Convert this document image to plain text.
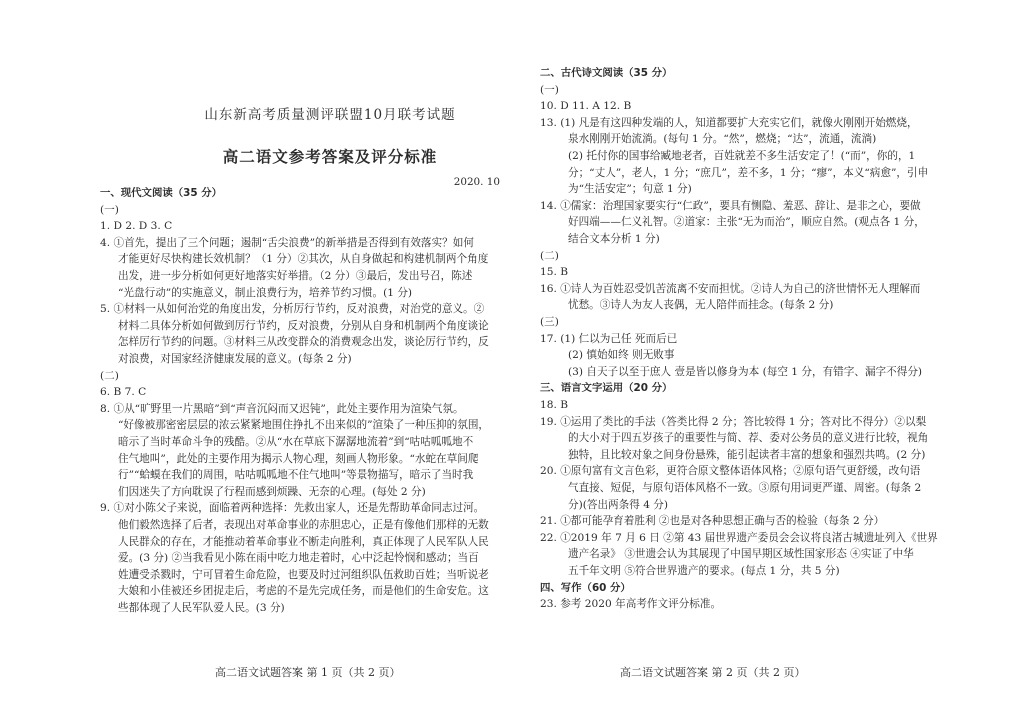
山东新高考质量测评联盟10月联考试题
高二语文参考答案及评分标准
2020. 10
一、现代文阅读（35 分）
(一)
1. D 2. D 3. C
4. ①首先，提出了三个问题；遏制“舌尖浪费”的新举措是否得到有效落实？如何
才能更好尽快构建长效机制？（1 分）②其次，从自身做起和构建机制两个角度
出发，进一步分析如何更好地落实好举措。（2 分）③最后，发出号召，陈述
“光盘行动”的实施意义，制止浪费行为，培养节约习惯。(1 分)
5. ①材料一从如何治党的角度出发，分析厉行节约，反对浪费，对治党的意义。②
材料二具体分析如何做到厉行节约，反对浪费，分别从自身和机制两个角度谈论
怎样厉行节约的问题。③材料三从改变群众的消费观念出发，谈论厉行节约，反
对浪费，对国家经济健康发展的意义。(每条 2 分)
(二)
6. B 7. C
8. ①从“旷野里一片黑暗”到“声音沉闷而又迟钝”，此处主要作用为渲染气氛。
“好像被那密密层层的浓云紧紧地围住挣扎不出来似的”渲染了一种压抑的氛围，
暗示了当时革命斗争的残酷。②从“水在草底下潺潺地流着”到“咕咕呱呱地不
住气地叫”，此处的主要作用为揭示人物心理，刻画人物形象。“水蛇在草间爬
行”“蛤蟆在我们的周围，咕咕呱呱地不住气地叫”等景物描写，暗示了当时我
们因迷失了方向耽误了行程而感到烦躁、无奈的心理。(每处 2 分)
9. ①对小陈父子来说，面临着两种选择：先救出家人，还是先帮助革命同志过河。
他们毅然选择了后者，表现出对革命事业的赤胆忠心，正是有像他们那样的无数
人民群众的存在，才能推动着革命事业不断走向胜利，真正体现了人民军队人民
爱。(3 分) ②当我看见小陈在雨中吃力地走着时，心中泛起怜悯和感动；当百
姓遭受杀戮时，宁可冒着生命危险，也要及时过河组织队伍救助百姓；当听说老
大娘和小佳被还乡团捉走后，考虑的不是先完成任务，而是他们的生命安危。这
些都体现了人民军队爱人民。(3 分)
二、古代诗文阅读（35 分）
(一)
10. D 11. A 12. B
13. (1) 凡是有这四种发端的人，知道都要扩大充实它们，就像火刚刚开始燃烧，
泉水刚刚开始流淌。(每句 1 分。“然”，燃烧；“达”，流通，流淌)
(2) 托付你的国事给臧地老者，百姓就差不多生活安定了！(“而”，你的，1
分；“丈人”，老人，1 分；“庶几”，差不多，1 分；“瘳”，本义“病愈”，引申
为“生活安定”；句意 1 分)
14. ①儒家：治理国家要实行“仁政”，要具有恻隐、羞恶、辞让、是非之心，要做
好四端——仁义礼智。②道家：主张“无为而治”，顺应自然。(观点各 1 分，
结合文本分析 1 分)
(二)
15. B
16. ①诗人为百姓忍受饥苦流离不安而担忧。②诗人为自己的济世情怀无人理解而
忧愁。③诗人为友人丧偶，无人陪伴而挂念。(每条 2 分)
(三)
17. (1) 仁以为己任 死而后已
(2) 慎始如终 则无败事
(3) 自天子以至于庶人 壹是皆以修身为本 (每空 1 分，有错字、漏字不得分)
三、语言文字运用（20 分）
18. B
19. ①运用了类比的手法（答类比得 2 分；答比较得 1 分；答对比不得分）②以梨
的大小对于四五岁孩子的重要性与简、荐、委对公务员的意义进行比较，视角
独特，且比较对象之间身份悬殊，能引起读者丰富的想象和强烈共鸣。(2 分)
20. ①原句富有文言色彩，更符合原文整体语体风格；②原句语气更舒缓，改句语
气直接、短促，与原句语体风格不一致。③原句用词更严谨、周密。(每条 2
分)(答出两条得 4 分)
21. ①都可能孕育着胜利 ②也是对各种思想正确与否的检验（每条 2 分）
22. ①2019 年 7 月 6 日 ②第 43 届世界遗产委员会会议将良渚古城遗址列入《世界
遗产名录》 ③世遗会认为其展现了中国早期区域性国家形态 ④实证了中华
五千年文明 ⑤符合世界遗产的要求。(每点 1 分，共 5 分)
四、写作（60 分）
23. 参考 2020 年高考作文评分标准。
高二语文试题答案 第 1 页（共 2 页）	高二语文试题答案 第 2 页（共 2 页）
